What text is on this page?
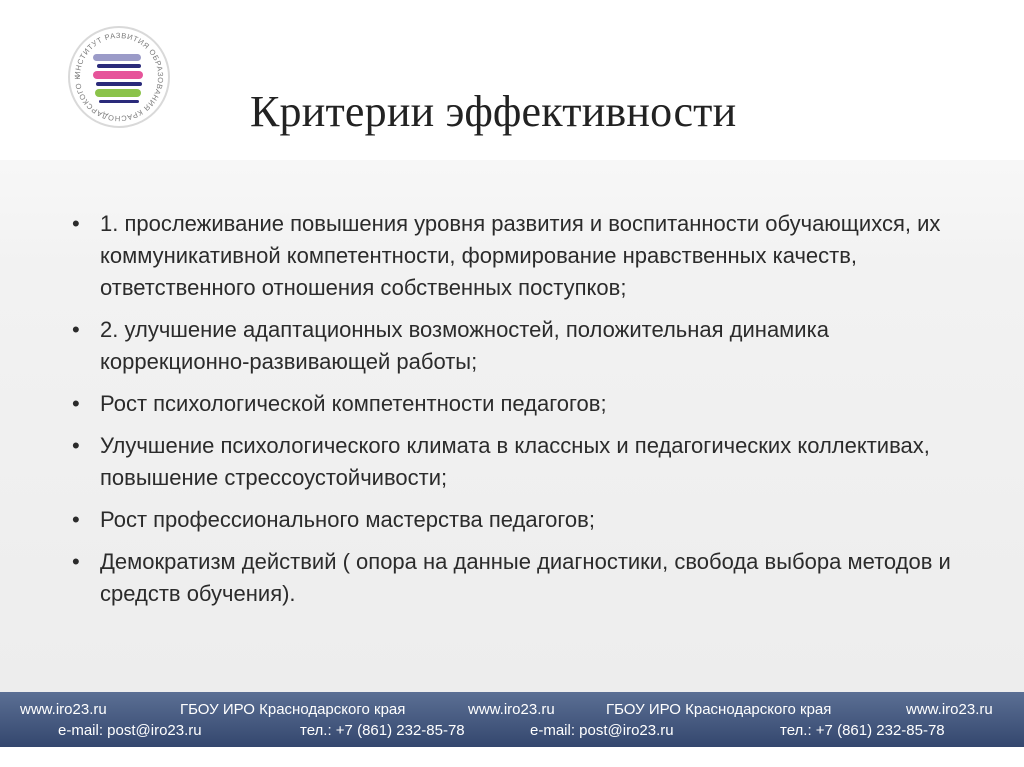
ИНСТИТУТ РАЗВИТИЯ ОБРАЗОВАНИЯ КРАСНОДАРСКОГО К
Критерии эффективности
• 1. прослеживание повышения уровня развития и воспитанности обучающихся, их коммуникативной компетентности, формирование нравственных качеств, ответственного отношения собственных поступков;
• 2. улучшение адаптационных возможностей, положительная динамика коррекционно-развивающей работы;
• Рост психологической компетентности педагогов;
• Улучшение психологического климата в классных и педагогических коллективах, повышение стрессоустойчивости;
• Рост профессионального мастерства педагогов;
• Демократизм действий ( опора на данные диагностики, свобода выбора методов и средств обучения).
www.iro23.ru
e-mail: post@iro23.ru
ГБОУ ИРО Краснодарского края
тел.: +7 (861) 232-85-78
www.iro23.ru
e-mail: post@iro23.ru
ГБОУ ИРО Краснодарского края
тел.: +7 (861) 232-85-78
www.iro23.ru
